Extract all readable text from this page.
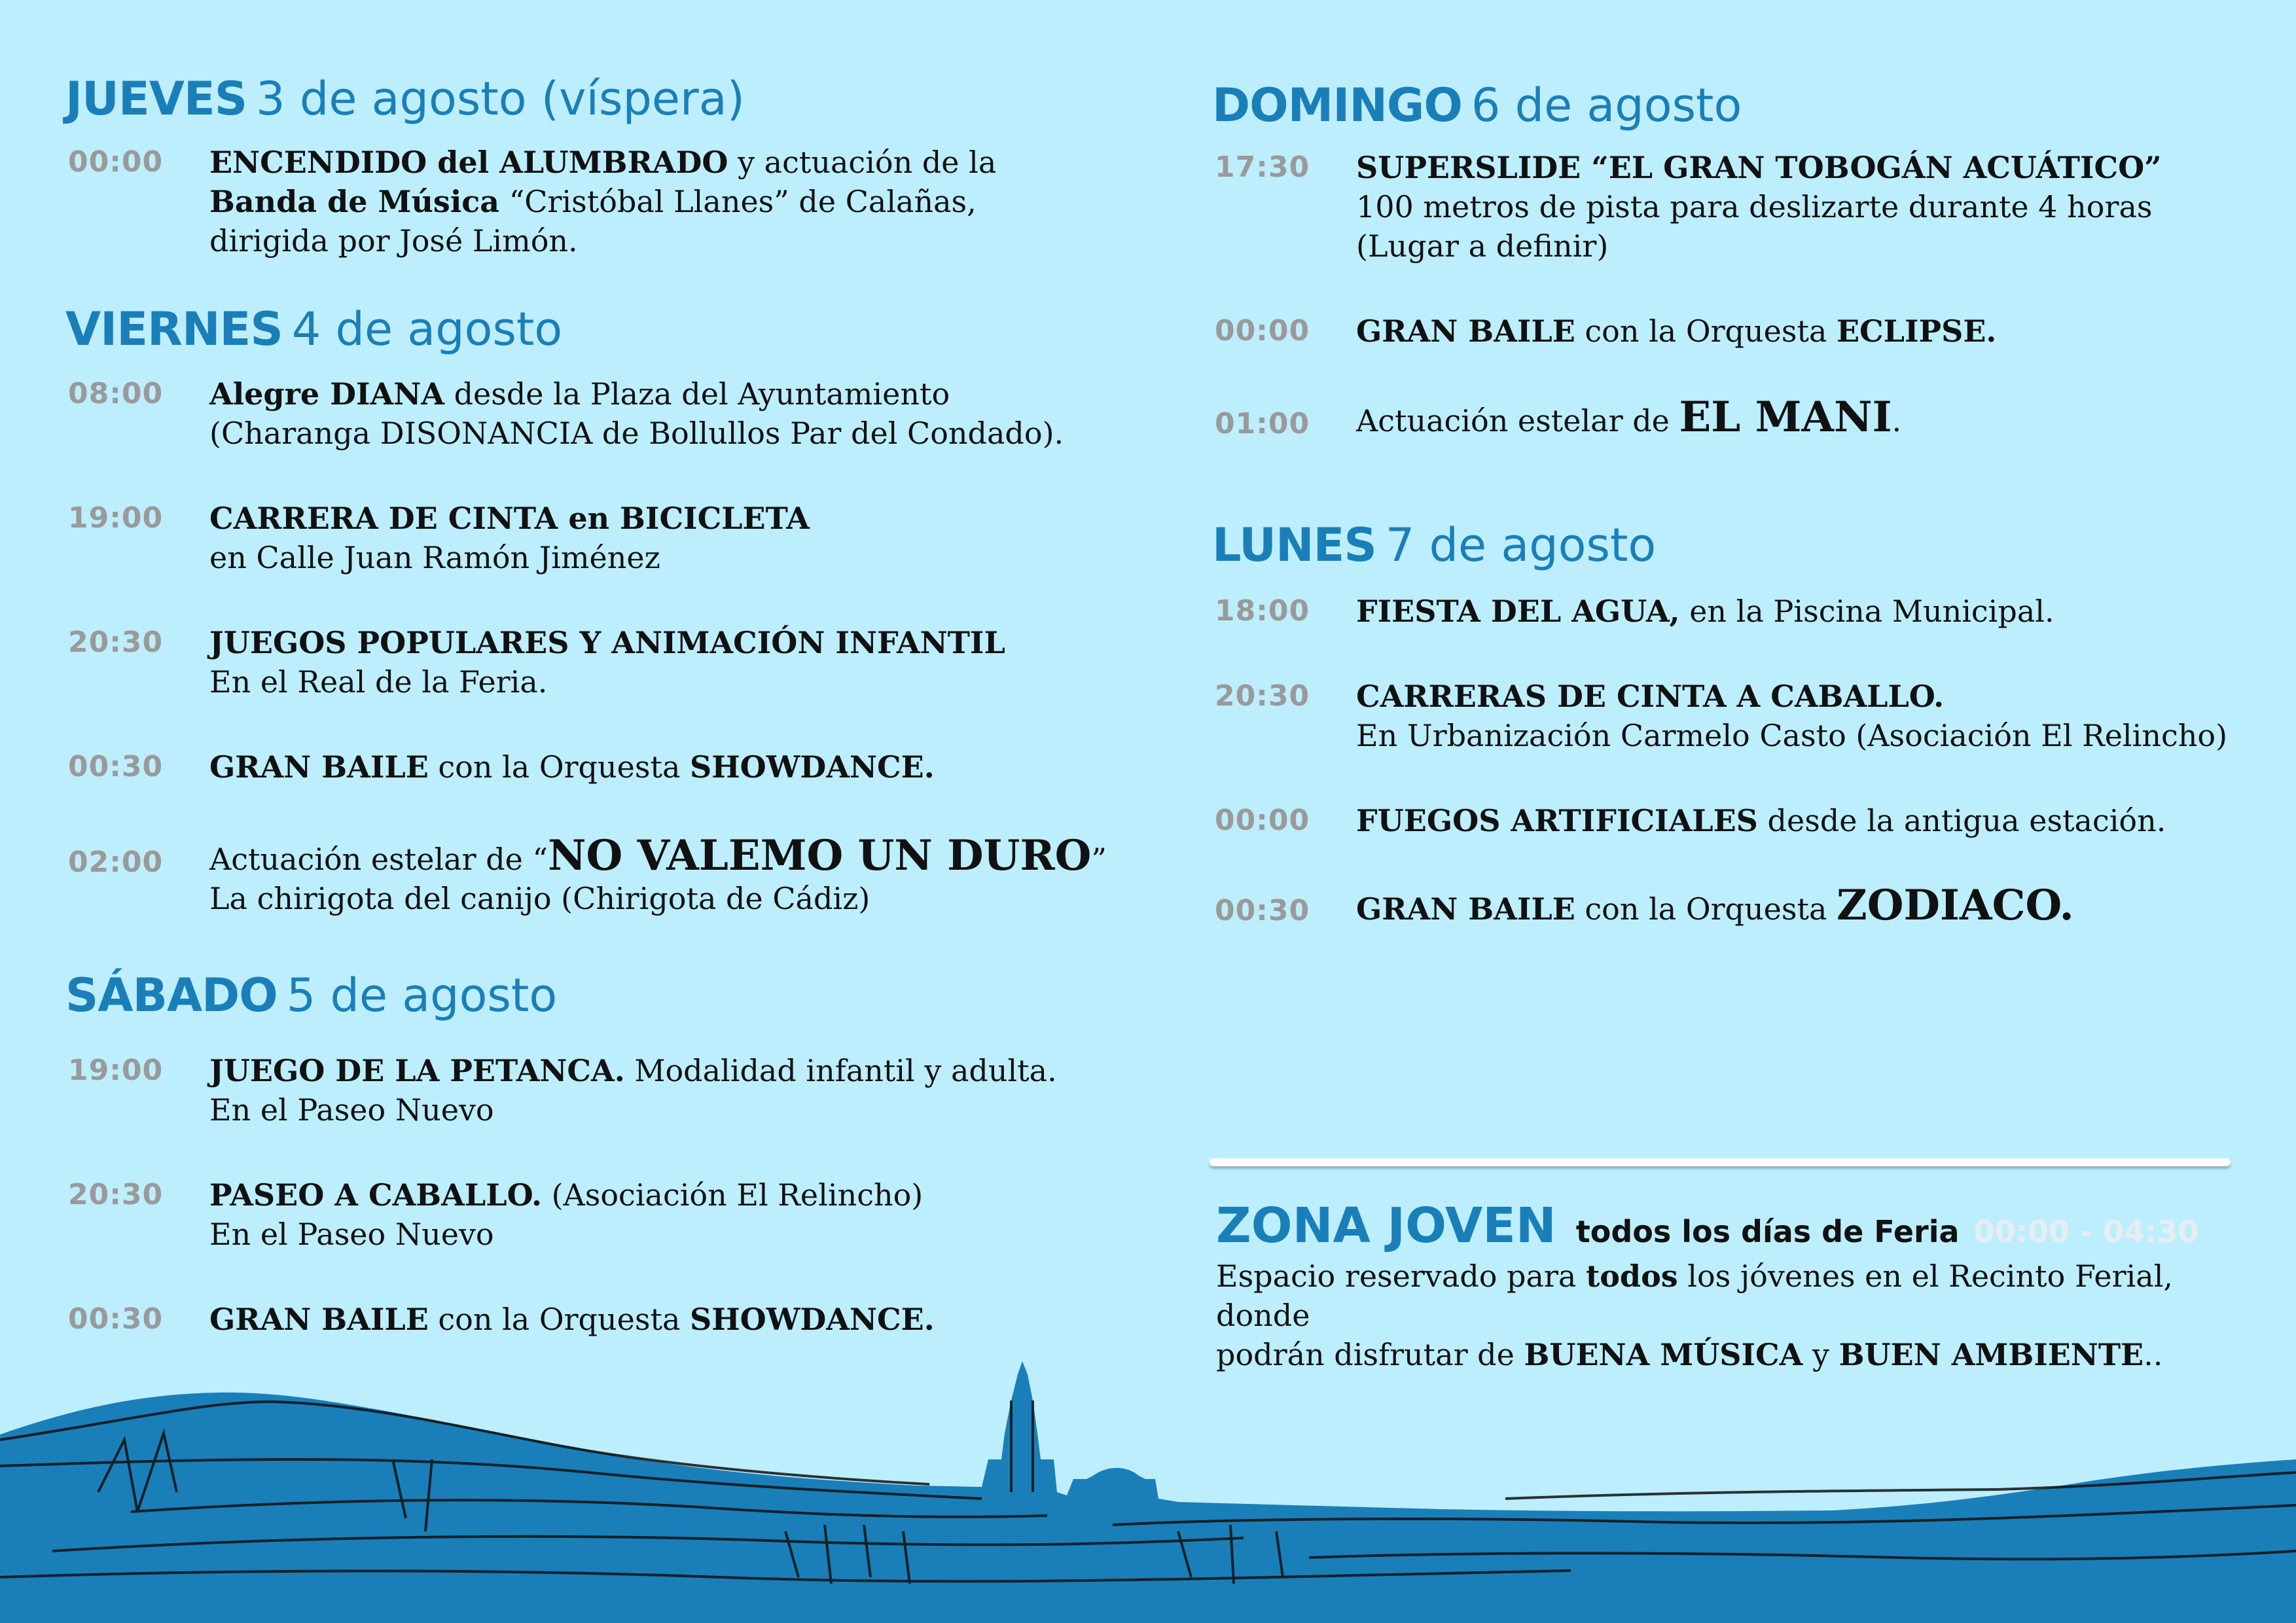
JUEVES 3 de agosto (víspera)
00:00 ENCENDIDO del ALUMBRADO y actuación de la
Banda de Música “Cristóbal Llanes” de Calañas,
dirigida por José Limón.
VIERNES 4 de agosto
08:00 Alegre DIANA desde la Plaza del Ayuntamiento
(Charanga DISONANCIA de Bollullos Par del Condado).
19:00 CARRERA DE CINTA en BICICLETA
en Calle Juan Ramón Jiménez
20:30 JUEGOS POPULARES Y ANIMACIÓN INFANTIL
En el Real de la Feria.
00:30 GRAN BAILE con la Orquesta SHOWDANCE.
02:00 Actuación estelar de “NO VALEMO UN DURO”
La chirigota del canijo (Chirigota de Cádiz)
SÁBADO 5 de agosto
19:00 JUEGO DE LA PETANCA. Modalidad infantil y adulta.
En el Paseo Nuevo
20:30 PASEO A CABALLO. (Asociación El Relincho)
En el Paseo Nuevo
00:30 GRAN BAILE con la Orquesta SHOWDANCE.
DOMINGO 6 de agosto
17:30 SUPERSLIDE “EL GRAN TOBOGÁN ACUÁTICO”
100 metros de pista para deslizarte durante 4 horas
(Lugar a definir)
00:00 GRAN BAILE con la Orquesta ECLIPSE.
01:00 Actuación estelar de EL MANI.
LUNES 7 de agosto
18:00 FIESTA DEL AGUA, en la Piscina Municipal.
20:30 CARRERAS DE CINTA A CABALLO.
En Urbanización Carmelo Casto (Asociación El Relincho)
00:00 FUEGOS ARTIFICIALES desde la antigua estación.
00:30 GRAN BAILE con la Orquesta ZODIACO.
ZONA JOVEN todos los días de Feria 00:00 - 04:30
Espacio reservado para todos los jóvenes en el Recinto Ferial, donde
podrán disfrutar de BUENA MÚSICA y BUEN AMBIENTE..
